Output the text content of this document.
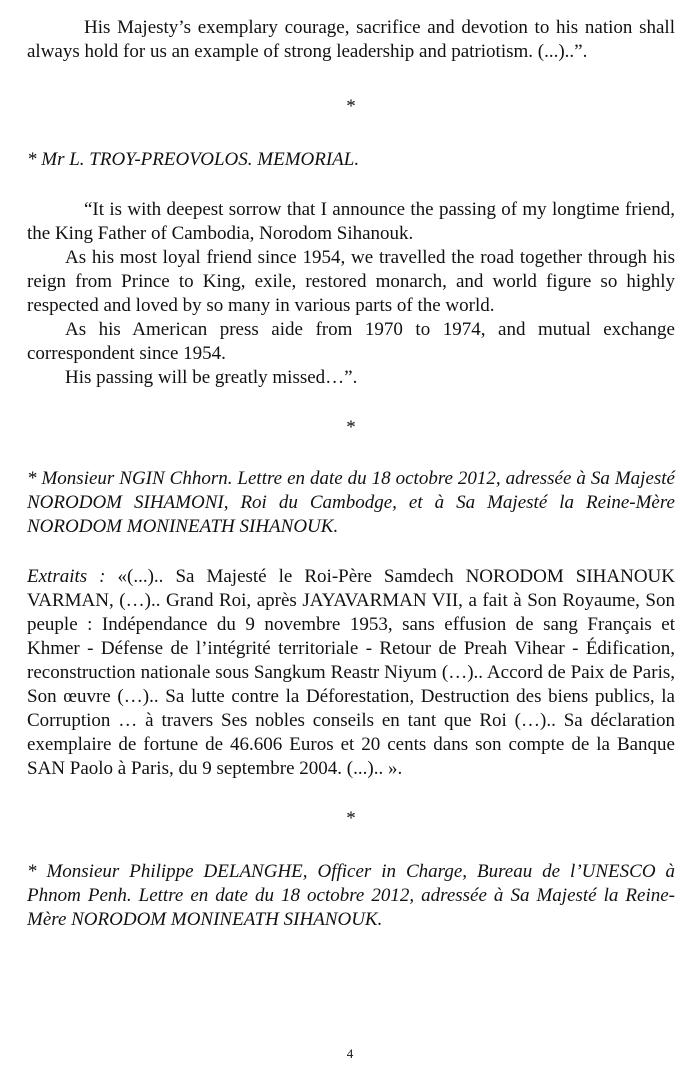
His Majesty’s exemplary courage, sacrifice and devotion to his nation shall always hold for us an example of strong leadership and patriotism. (...)..”.

*

* Mr L. TROY-PREOVOLOS. MEMORIAL.

“It is with deepest sorrow that I announce the passing of my longtime friend, the King Father of Cambodia, Norodom Sihanouk.

As his most loyal friend since 1954, we travelled the road together through his reign from Prince to King, exile, restored monarch, and world figure so highly respected and loved by so many in various parts of the world.

As his American press aide from 1970 to 1974, and mutual exchange correspondent since 1954.

His passing will be greatly missed…”.

*

* Monsieur NGIN Chhorn. Lettre en date du 18 octobre 2012, adressée à Sa Majesté NORODOM SIHAMONI, Roi du Cambodge, et à Sa Majesté la Reine-Mère NORODOM MONINEATH SIHANOUK.

Extraits : «(...).. Sa Majesté le Roi-Père Samdech NORODOM SIHANOUK VARMAN, (…).. Grand Roi, après JAYAVARMAN VII, a fait à Son Royaume, Son peuple : Indépendance du 9 novembre 1953, sans effusion de sang Français et Khmer - Défense de l’intégrité territoriale - Retour de Preah Vihear - Édification, reconstruction nationale sous Sangkum Reastr Niyum (…).. Accord de Paix de Paris, Son œuvre (…).. Sa lutte contre la Déforestation, Destruction des biens publics, la Corruption … à travers Ses nobles conseils en tant que Roi (…).. Sa déclaration exemplaire de fortune de 46.606 Euros et 20 cents dans son compte de la Banque SAN Paolo à Paris, du 9 septembre 2004. (...).. ».

*

* Monsieur Philippe DELANGHE, Officer in Charge, Bureau de l’UNESCO à Phnom Penh. Lettre en date du 18 octobre 2012, adressée à Sa Majesté la Reine-Mère NORODOM MONINEATH SIHANOUK.

4
